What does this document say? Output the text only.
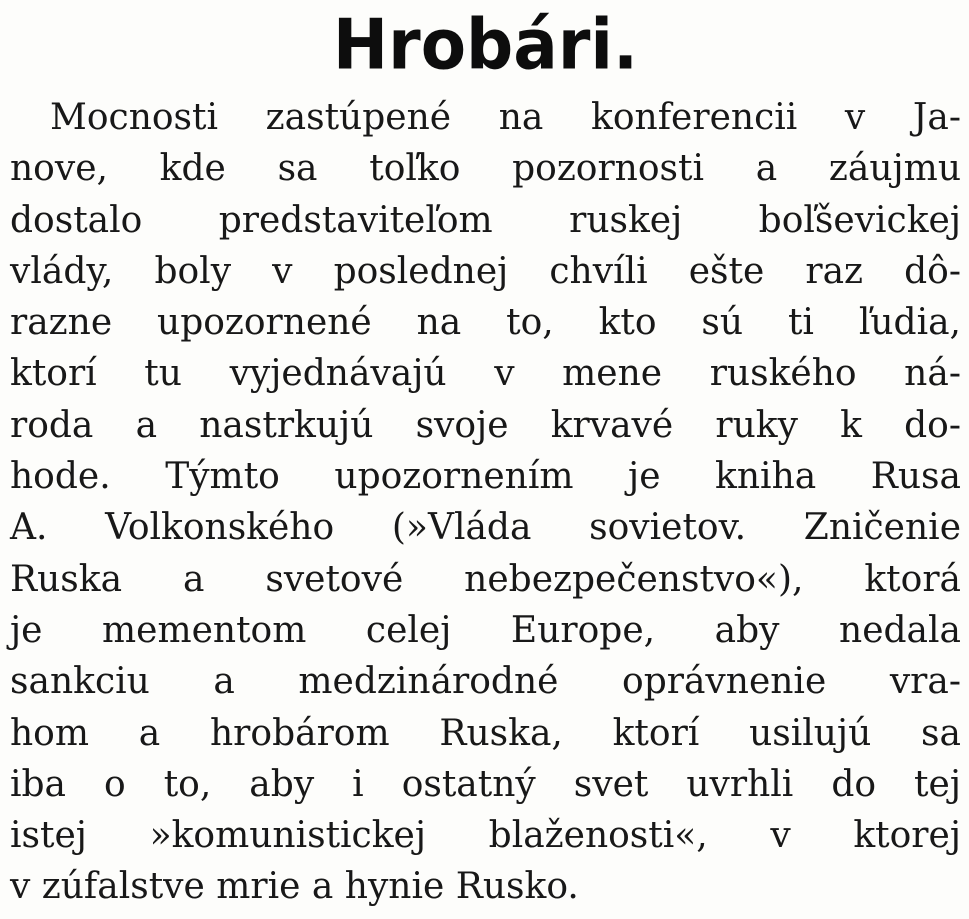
Hrobári.
Mocnosti zastúpené na konferencii v Ja-
nove, kde sa toľko pozornosti a záujmu
dostalo predstaviteľom ruskej boľševickej
vlády, boly v poslednej chvíli ešte raz dô-
razne upozornené na to, kto sú ti ľudia,
ktorí tu vyjednávajú v mene ruského ná-
roda a nastrkujú svoje krvavé ruky k do-
hode. Týmto upozornením je kniha Rusa
A. Volkonského (»Vláda sovietov. Zničenie
Ruska a svetové nebezpečenstvo«), ktorá
je mementom celej Europe, aby nedala
sankciu a medzinárodné oprávnenie vra-
hom a hrobárom Ruska, ktorí usilujú sa
iba o to, aby i ostatný svet uvrhli do tej
istej »komunistickej blaženosti«, v ktorej
v zúfalstve mrie a hynie Rusko.
